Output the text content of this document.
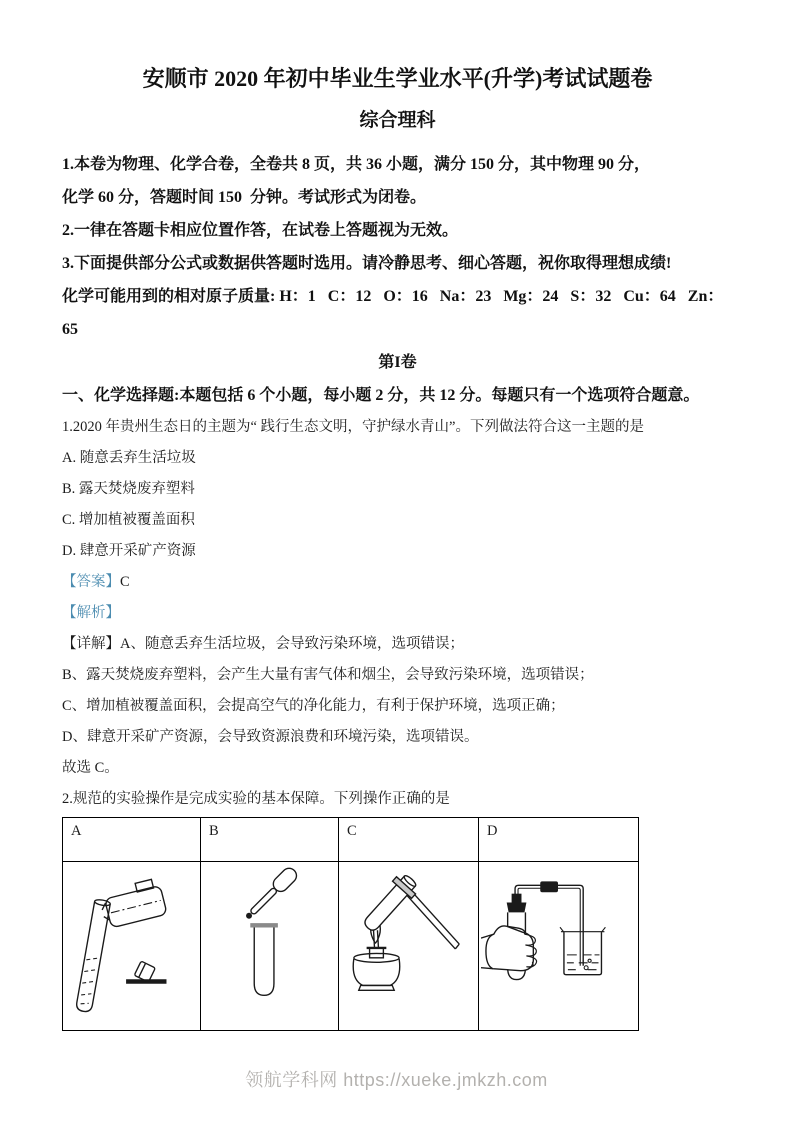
安顺市 2020 年初中毕业生学业水平(升学)考试试题卷
综合理科
1.本卷为物理、化学合卷，全卷共 8 页，共 36 小题，满分 150 分，其中物理 90 分，
化学 60 分，答题时间 150  分钟。考试形式为闭卷。
2.一律在答题卡相应位置作答，在试卷上答题视为无效。
3.下面提供部分公式或数据供答题时选用。请冷静思考、细心答题，祝你取得理想成绩!
化学可能用到的相对原子质量: H：1   C：12   O：16   Na：23   Mg：24   S：32   Cu：64   Zn：
65
第I卷
一、化学选择题:本题包括 6 个小题，每小题 2 分，共 12 分。每题只有一个选项符合题意。
1.2020 年贵州生态日的主题为“ 践行生态文明，守护绿水青山”。下列做法符合这一主题的是
A. 随意丢弃生活垃圾
B. 露天焚烧废弃塑料
C. 增加植被覆盖面积
D. 肆意开采矿产资源
【答案】C
【解析】
【详解】A、随意丢弃生活垃圾，会导致污染环境，选项错误；
B、露天焚烧废弃塑料，会产生大量有害气体和烟尘，会导致污染环境，选项错误；
C、增加植被覆盖面积，会提高空气的净化能力，有利于保护环境，选项正确；
D、肆意开采矿产资源，会导致资源浪费和环境污染，选项错误。
故选 C。
2.规范的实验操作是完成实验的基本保障。下列操作正确的是
A	B	C	D

领航学科网 https://xueke.jmkzh.com
